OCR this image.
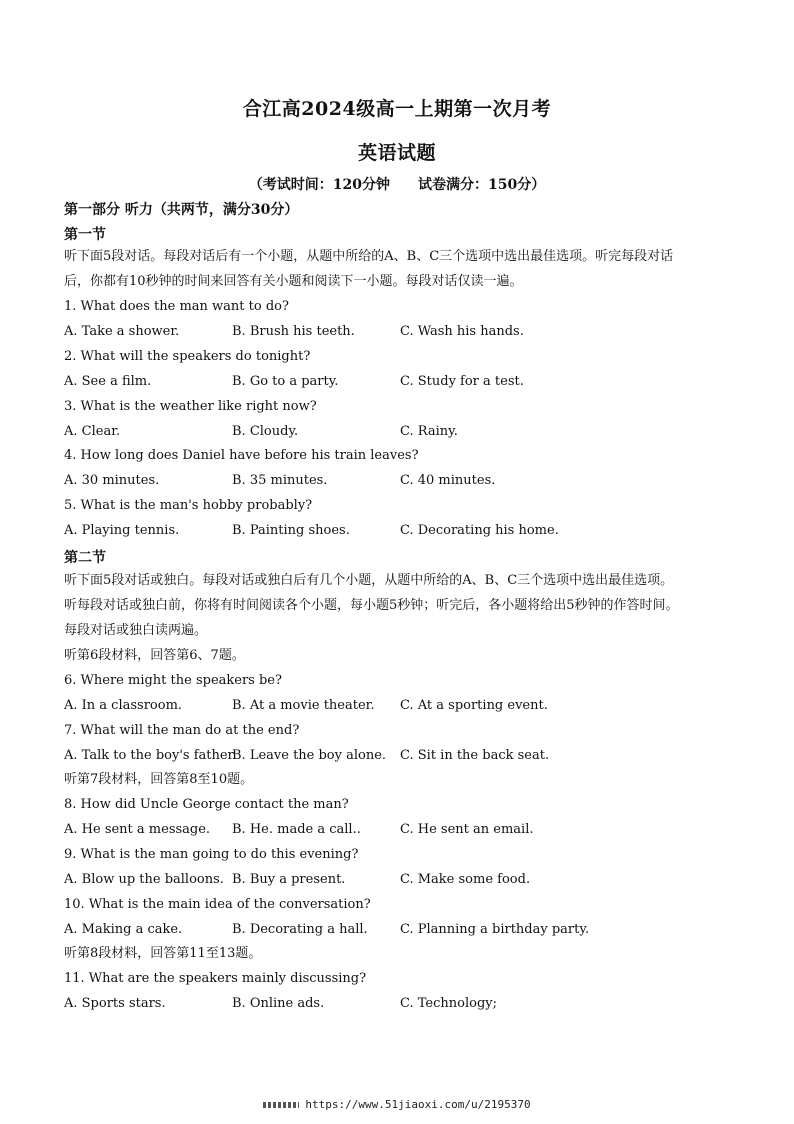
合江高2024级高一上期第一次月考
英语试题
（考试时间：120分钟 试卷满分：150分）
第一部分 听力（共两节，满分30分）
第一节
听下面5段对话。每段对话后有一个小题，从题中所给的A、B、C三个选项中选出最佳选项。听完每段对话
后，你都有10秒钟的时间来回答有关小题和阅读下一小题。每段对话仅读一遍。
1. What does the man want to do?
A. Take a shower.	B. Brush his teeth.	C. Wash his hands.
2. What will the speakers do tonight?
A. See a film.	B. Go to a party.	C. Study for a test.
3. What is the weather like right now?
A. Clear.	B. Cloudy.	C. Rainy.
4. How long does Daniel have before his train leaves?
A. 30 minutes.	B. 35 minutes.	C. 40 minutes.
5. What is the man's hobby probably?
A. Playing tennis.	B. Painting shoes.	C. Decorating his home.
第二节
听下面5段对话或独白。每段对话或独白后有几个小题，从题中所给的A、B、C三个选项中选出最佳选项。
听每段对话或独白前，你将有时间阅读各个小题，每小题5秒钟；听完后，各小题将给出5秒钟的作答时间。
每段对话或独白读两遍。
听第6段材料，回答第6、7题。
6. Where might the speakers be?
A. In a classroom.	B. At a movie theater. C. At a sporting event.
7. What will the man do at the end?
A. Talk to the boy's father.
B. Leave the boy alone. C. Sit in the back seat.
听第7段材料，回答第8至10题。
8. How did Uncle George contact the man?
A. He sent a message. B. He. made a call..	C. He sent an email.
9. What is the man going to do this evening?
A. Blow up the balloons. B. Buy a present.	C. Make some food.
10. What is the main idea of the conversation?
A. Making a cake.	B. Decorating a hall. C. Planning a birthday party.
听第8段材料，回答第11至13题。
11. What are the speakers mainly discussing?
A. Sports stars.	B. Online ads.	C. Technology;
https://www.51jiaoxi.com/u/2195370
